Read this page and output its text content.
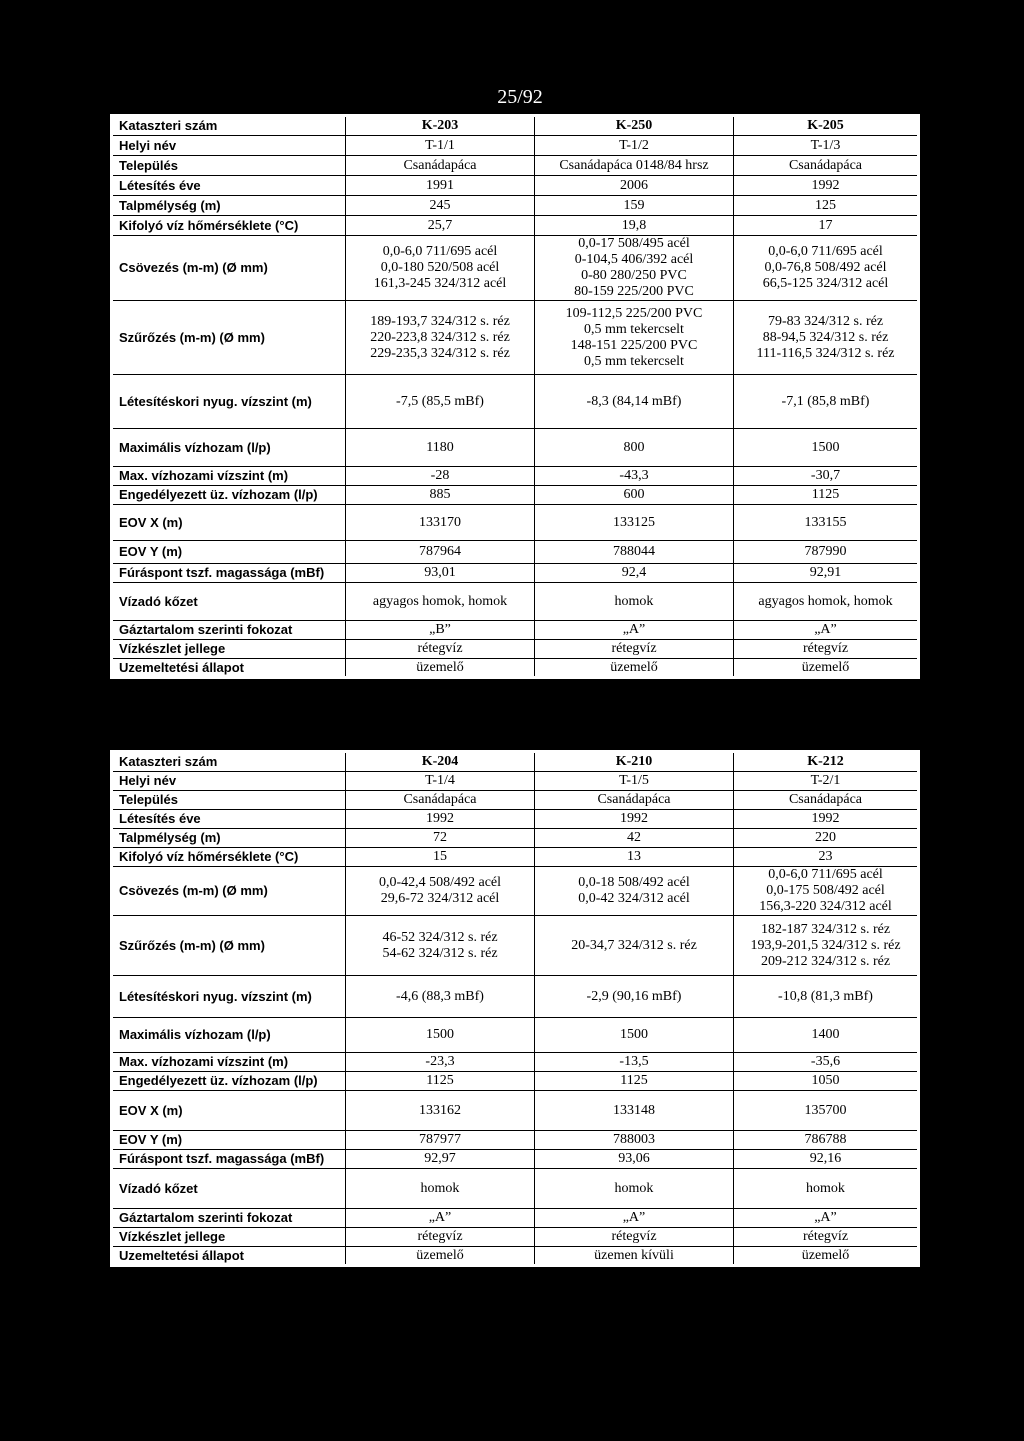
25/92
Kataszteri szám	K-203	K-250	K-205
Helyi név	T-1/1	T-1/2	T-1/3
Település	Csanádapáca	Csanádapáca 0148/84 hrsz	Csanádapáca
Létesítés éve	1991	2006	1992
Talpmélység (m)	245	159	125
Kifolyó víz hőmérséklete (°C)	25,7	19,8	17
Csövezés (m-m) (Ø mm)	0,0-6,0 711/695 acél
0,0-180 520/508 acél
161,3-245 324/312 acél	0,0-17 508/495 acél
0-104,5 406/392 acél
0-80 280/250 PVC
80-159 225/200 PVC	0,0-6,0 711/695 acél
0,0-76,8 508/492 acél
66,5-125 324/312 acél
Szűrőzés (m-m) (Ø mm)	189-193,7 324/312 s. réz
220-223,8 324/312 s. réz
229-235,3 324/312 s. réz	109-112,5 225/200 PVC
0,5 mm tekercselt
148-151 225/200 PVC
0,5 mm tekercselt	79-83 324/312 s. réz
88-94,5 324/312 s. réz
111-116,5 324/312 s. réz
Létesítéskori nyug. vízszint (m)	-7,5 (85,5 mBf)	-8,3 (84,14 mBf)	-7,1 (85,8 mBf)
Maximális vízhozam (l/p)	1180	800	1500
Max. vízhozami vízszint (m)	-28	-43,3	-30,7
Engedélyezett üz. vízhozam (l/p)	885	600	1125
EOV X (m)	133170	133125	133155
EOV Y (m)	787964	788044	787990
Fúráspont tszf. magassága (mBf)	93,01	92,4	92,91
Vízadó kőzet	agyagos homok, homok	homok	agyagos homok, homok
Gáztartalom szerinti fokozat	„B”	„A”	„A”
Vízkészlet jellege	rétegvíz	rétegvíz	rétegvíz
Uzemeltetési állapot	üzemelő	üzemelő	üzemelő
Kataszteri szám	K-204	K-210	K-212
Helyi név	T-1/4	T-1/5	T-2/1
Település	Csanádapáca	Csanádapáca	Csanádapáca
Létesítés éve	1992	1992	1992
Talpmélység (m)	72	42	220
Kifolyó víz hőmérséklete (°C)	15	13	23
Csövezés (m-m) (Ø mm)	0,0-42,4 508/492 acél
29,6-72 324/312 acél	0,0-18 508/492 acél
0,0-42 324/312 acél	0,0-6,0 711/695 acél
0,0-175 508/492 acél
156,3-220 324/312 acél
Szűrőzés (m-m) (Ø mm)	46-52 324/312 s. réz
54-62 324/312 s. réz	20-34,7 324/312 s. réz	182-187 324/312 s. réz
193,9-201,5 324/312 s. réz
209-212 324/312 s. réz
Létesítéskori nyug. vízszint (m)	-4,6 (88,3 mBf)	-2,9 (90,16 mBf)	-10,8 (81,3 mBf)
Maximális vízhozam (l/p)	1500	1500	1400
Max. vízhozami vízszint (m)	-23,3	-13,5	-35,6
Engedélyezett üz. vízhozam (l/p)	1125	1125	1050
EOV X (m)	133162	133148	135700
EOV Y (m)	787977	788003	786788
Fúráspont tszf. magassága (mBf)	92,97	93,06	92,16
Vízadó kőzet	homok	homok	homok
Gáztartalom szerinti fokozat	„A”	„A”	„A”
Vízkészlet jellege	rétegvíz	rétegvíz	rétegvíz
Uzemeltetési állapot	üzemelő	üzemen kívüli	üzemelő
